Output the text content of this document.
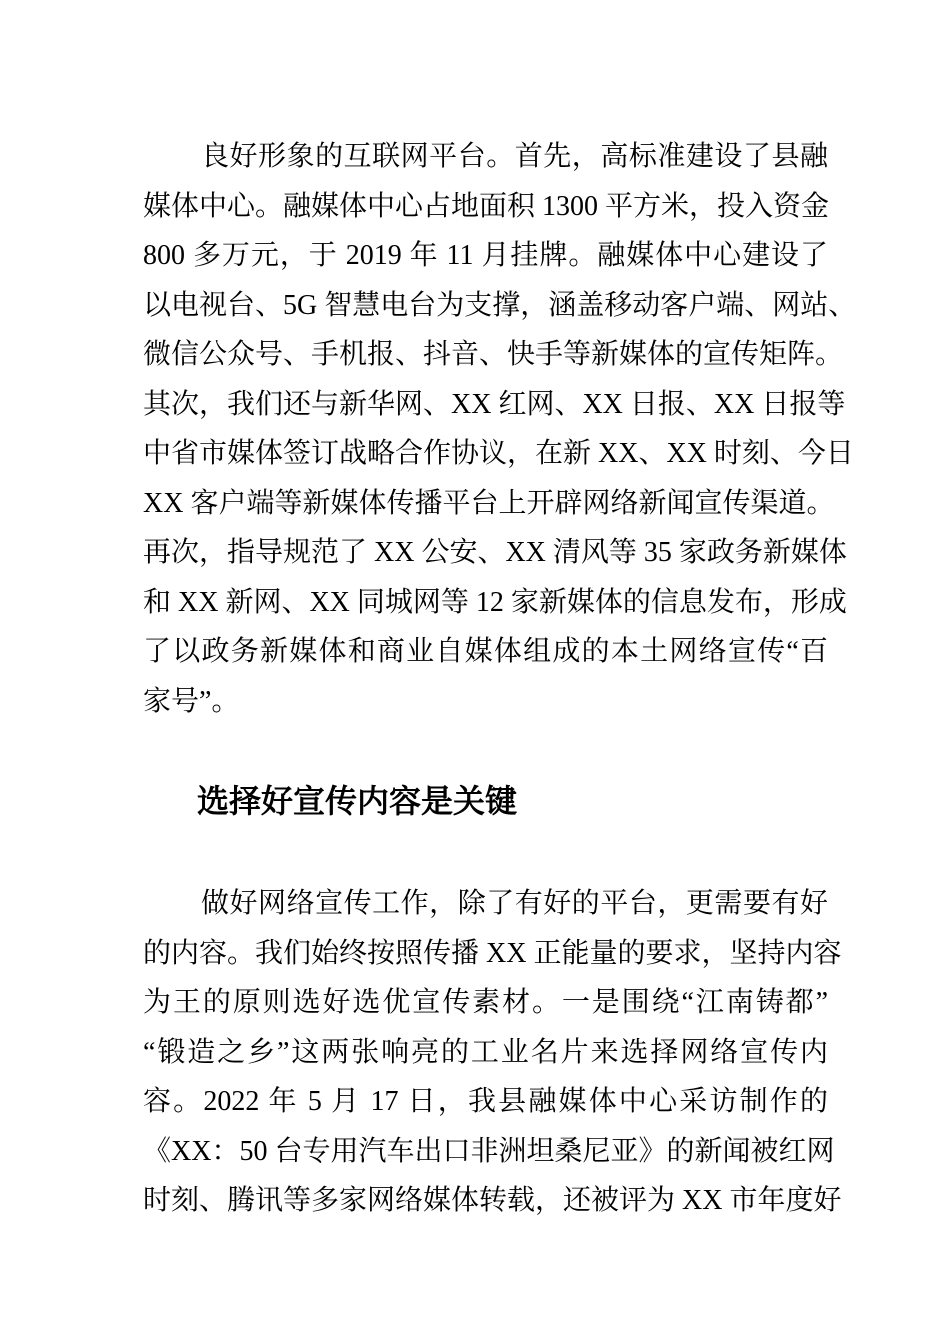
良好形象的互联网平台。首先，高标准建设了县融
媒体中心。融媒体中心占地面积 1300 平方米，投入资金
800 多万元，于 2019 年 11 月挂牌。融媒体中心建设了
以电视台、5G 智慧电台为支撑，涵盖移动客户端、网站、
微信公众号、手机报、抖音、快手等新媒体的宣传矩阵。
其次，我们还与新华网、XX 红网、XX 日报、XX 日报等
中省市媒体签订战略合作协议，在新 XX、XX 时刻、今日
XX 客户端等新媒体传播平台上开辟网络新闻宣传渠道。
再次，指导规范了 XX 公安、XX 清风等 35 家政务新媒体
和 XX 新网、XX 同城网等 12 家新媒体的信息发布，形成
了以政务新媒体和商业自媒体组成的本土网络宣传“百
家号”。
选择好宣传内容是关键
做好网络宣传工作，除了有好的平台，更需要有好
的内容。我们始终按照传播 XX 正能量的要求，坚持内容
为王的原则选好选优宣传素材。一是围绕“江南铸都”
“锻造之乡”这两张响亮的工业名片来选择网络宣传内
容。2022 年 5 月 17 日，我县融媒体中心采访制作的
《XX：50 台专用汽车出口非洲坦桑尼亚》的新闻被红网
时刻、腾讯等多家网络媒体转载，还被评为 XX 市年度好
